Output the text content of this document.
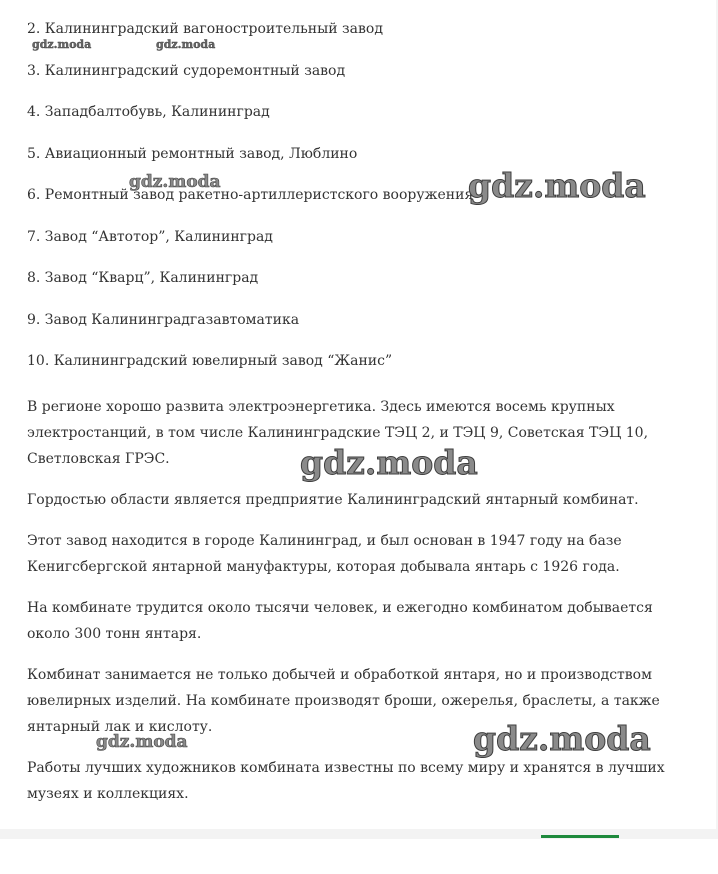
2. Калининградский вагоностроительный завод
3. Калининградский судоремонтный завод
4. Западбалтобувь, Калининград
5. Авиационный ремонтный завод, Люблино
6. Ремонтный завод ракетно-артиллеристского вооружения
7. Завод “Автотор”, Калининград
8. Завод “Кварц”, Калининград
9. Завод Калининградгазавтоматика
10. Калининградский ювелирный завод “Жанис”

В регионе хорошо развита электроэнергетика. Здесь имеются восемь крупных электростанций, в том числе Калининградские ТЭЦ 2, и ТЭЦ 9, Советская ТЭЦ 10, Светловская ГРЭС.

Гордостью области является предприятие Калининградский янтарный комбинат.

Этот завод находится в городе Калининград, и был основан в 1947 году на базе Кенигсбергской янтарной мануфактуры, которая добывала янтарь с 1926 года.

На комбинате трудится около тысячи человек, и ежегодно комбинатом добывается около 300 тонн янтаря.

Комбинат занимается не только добычей и обработкой янтаря, но и производством ювелирных изделий. На комбинате производят броши, ожерелья, браслеты, а также янтарный лак и кислоту.

Работы лучших художников комбината известны по всему миру и хранятся в лучших музеях и коллекциях.

gdz.moda	gdz.moda
gdz.moda	gdz.moda
gdz.moda
gdz.moda	gdz.moda
